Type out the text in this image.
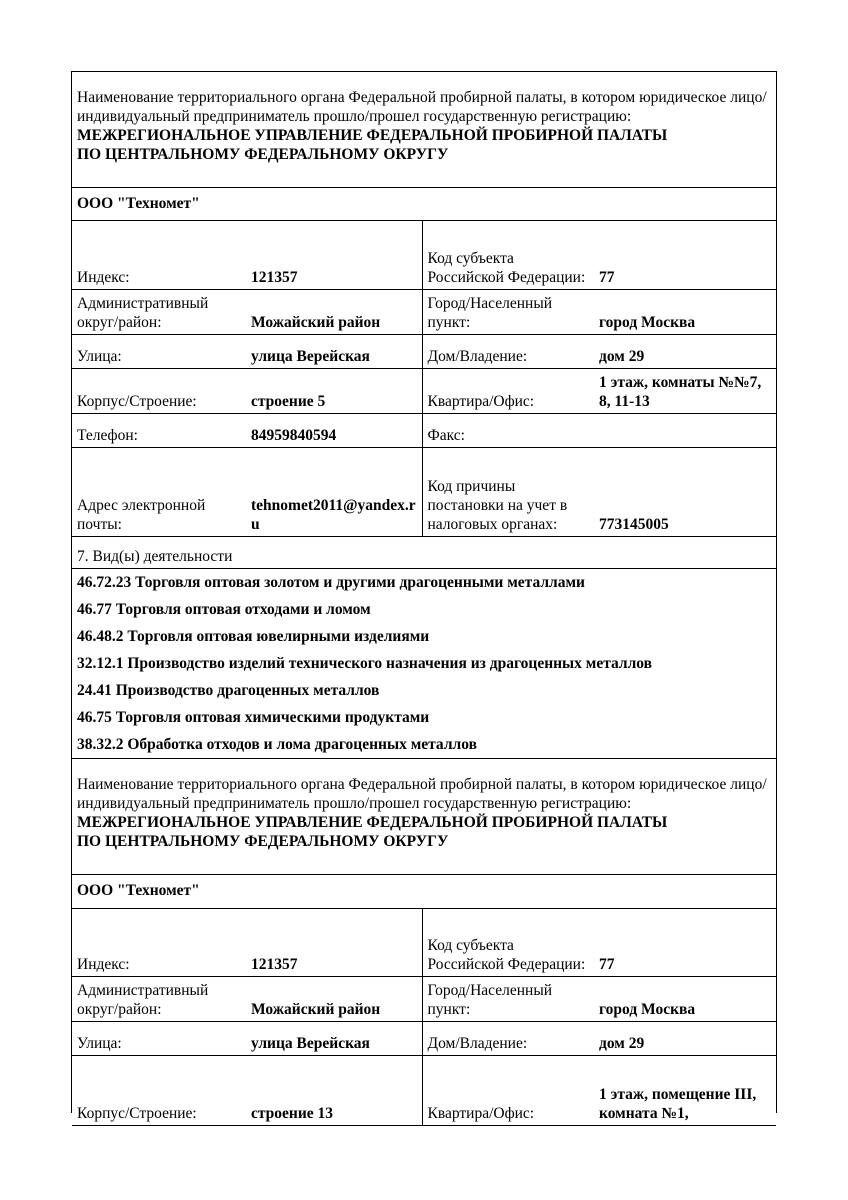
Наименование территориального органа Федеральной пробирной палаты, в котором юридическое лицо/индивидуальный предприниматель прошло/прошел государственную регистрацию:
МЕЖРЕГИОНАЛЬНОЕ УПРАВЛЕНИЕ ФЕДЕРАЛЬНОЙ ПРОБИРНОЙ ПАЛАТЫ
ПО ЦЕНТРАЛЬНОМУ ФЕДЕРАЛЬНОМУ ОКРУГУ			

ООО "Техномет"			
Индекс:	121357	Код субъекта Российской Федерации:	77
Административный округ/район:	Можайский район	Город/Населенный пункт:	город Москва
Улица:	улица Верейская	Дом/Владение:	дом 29
Корпус/Строение:	строение 5	Квартира/Офис:	1 этаж, комнаты №№7, 8, 11-13
Телефон:	84959840594	Факс:	
Адрес электронной почты:	tehnomet2011@yandex.ru	Код причины постановки на учет в налоговых органах:	773145005
7. Вид(ы) деятельности			
46.72.23 Торговля оптовая золотом и другими драгоценными металлами			
46.77 Торговля оптовая отходами и ломом			
46.48.2 Торговля оптовая ювелирными изделиями			
32.12.1 Производство изделий технического назначения из драгоценных металлов			
24.41 Производство драгоценных металлов			
46.75 Торговля оптовая химическими продуктами			
38.32.2 Обработка отходов и лома драгоценных металлов			

Наименование территориального органа Федеральной пробирной палаты, в котором юридическое лицо/индивидуальный предприниматель прошло/прошел государственную регистрацию:
МЕЖРЕГИОНАЛЬНОЕ УПРАВЛЕНИЕ ФЕДЕРАЛЬНОЙ ПРОБИРНОЙ ПАЛАТЫ
ПО ЦЕНТРАЛЬНОМУ ФЕДЕРАЛЬНОМУ ОКРУГУ			

ООО "Техномет"			
Индекс:	121357	Код субъекта Российской Федерации:	77
Административный округ/район:	Можайский район	Город/Населенный пункт:	город Москва
Улица:	улица Верейская	Дом/Владение:	дом 29
Корпус/Строение:	строение 13	Квартира/Офис:	1 этаж, помещение III, комната №1,
